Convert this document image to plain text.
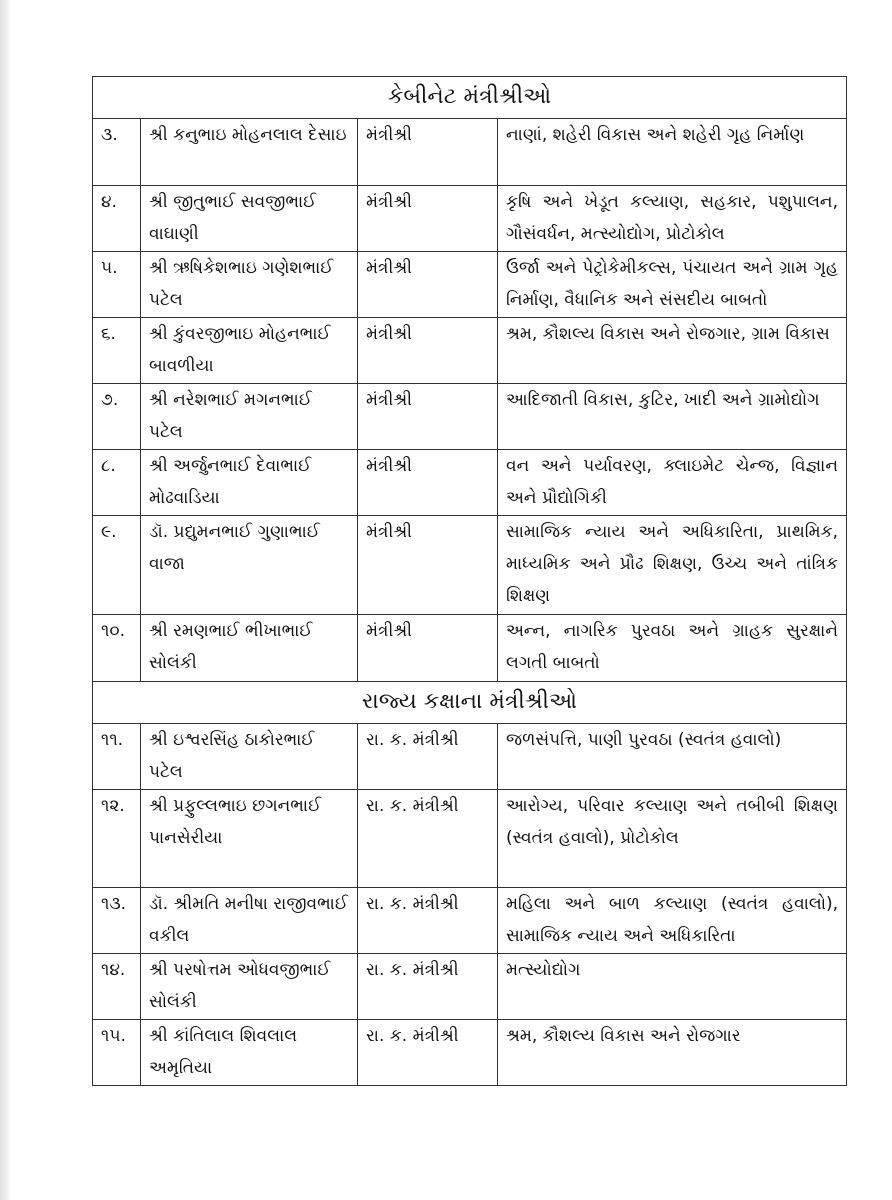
કેબીનેટ મંત્રીશ્રીઓ			
૩.	શ્રી કનુભાઇ મોહનલાલ દેસાઇ	મંત્રીશ્રી	નાણાં, શહેરી વિકાસ અને શહેરી ગૃહ નિર્માણ
૪.	શ્રી જીતુભાઈ સવજીભાઈ વાઘાણી	મંત્રીશ્રી	કૃષિ અને ખેડૂત કલ્યાણ, સહકાર, પશુપાલન, ગૌસંવર્ધન, મત્સ્યોદ્યોગ, પ્રોટોકોલ
૫.	શ્રી ઋષિકેશભાઇ ગણેશભાઈ પટેલ	મંત્રીશ્રી	ઉર્જા અને પેટ્રોકેમીકલ્સ, પંચાયત અને ગ્રામ ગૃહ નિર્માણ, વૈધાનિક અને સંસદીય બાબતો
૬.	શ્રી કુંવરજીભાઇ મોહનભાઈ બાવળીયા	મંત્રીશ્રી	શ્રમ, કૌશલ્ય વિકાસ અને રોજગાર, ગ્રામ વિકાસ
૭.	શ્રી નરેશભાઈ મગનભાઈ પટેલ	મંત્રીશ્રી	આદિજાતી વિકાસ, કુટિર, ખાદી અને ગ્રામોદ્યોગ
૮.	શ્રી અર્જુનભાઈ દેવાભાઈ મોઢવાડિયા	મંત્રીશ્રી	વન અને પર્યાવરણ, ક્લાઇમેટ ચેન્જ, વિજ્ઞાન અને પ્રૌદ્યોગિકી
૯.	ડૉ. પ્રદ્યુમનભાઈ ગુણાભાઈ વાજા	મંત્રીશ્રી	સામાજિક ન્યાય અને અધિકારિતા, પ્રાથમિક, માધ્યમિક અને પ્રૌઢ શિક્ષણ, ઉચ્ચ અને તાંત્રિક શિક્ષણ
૧૦.	શ્રી રમણભાઈ ભીખાભાઈ સોલંકી	મંત્રીશ્રી	અન્ન, નાગરિક પુરવઠા અને ગ્રાહક સુરક્ષાને લગતી બાબતો
રાજ્ય કક્ષાના મંત્રીશ્રીઓ			
૧૧.	શ્રી ઇશ્વરસિંહ ઠાકોરભાઈ પટેલ	રા. ક. મંત્રીશ્રી	જળસંપત્તિ, પાણી પુરવઠા (સ્વતંત્ર હવાલો)
૧૨.	શ્રી પ્રફુલ્લભાઇ છગનભાઈ પાનસેરીયા	રા. ક. મંત્રીશ્રી	આરોગ્ય, પરિવાર કલ્યાણ અને તબીબી શિક્ષણ (સ્વતંત્ર હવાલો), પ્રોટોકોલ
૧૩.	ડૉ. શ્રીમતિ મનીષા રાજીવભાઈ વકીલ	રા. ક. મંત્રીશ્રી	મહિલા અને બાળ કલ્યાણ (સ્વતંત્ર હવાલો), સામાજિક ન્યાય અને અધિકારિતા
૧૪.	શ્રી પરષોત્તમ ઓધવજીભાઈ સોલંકી	રા. ક. મંત્રીશ્રી	મત્સ્યોદ્યોગ
૧૫.	શ્રી કાંતિલાલ શિવલાલ અમૃતિયા	રા. ક. મંત્રીશ્રી	શ્રમ, કૌશલ્ય વિકાસ અને રોજગાર
